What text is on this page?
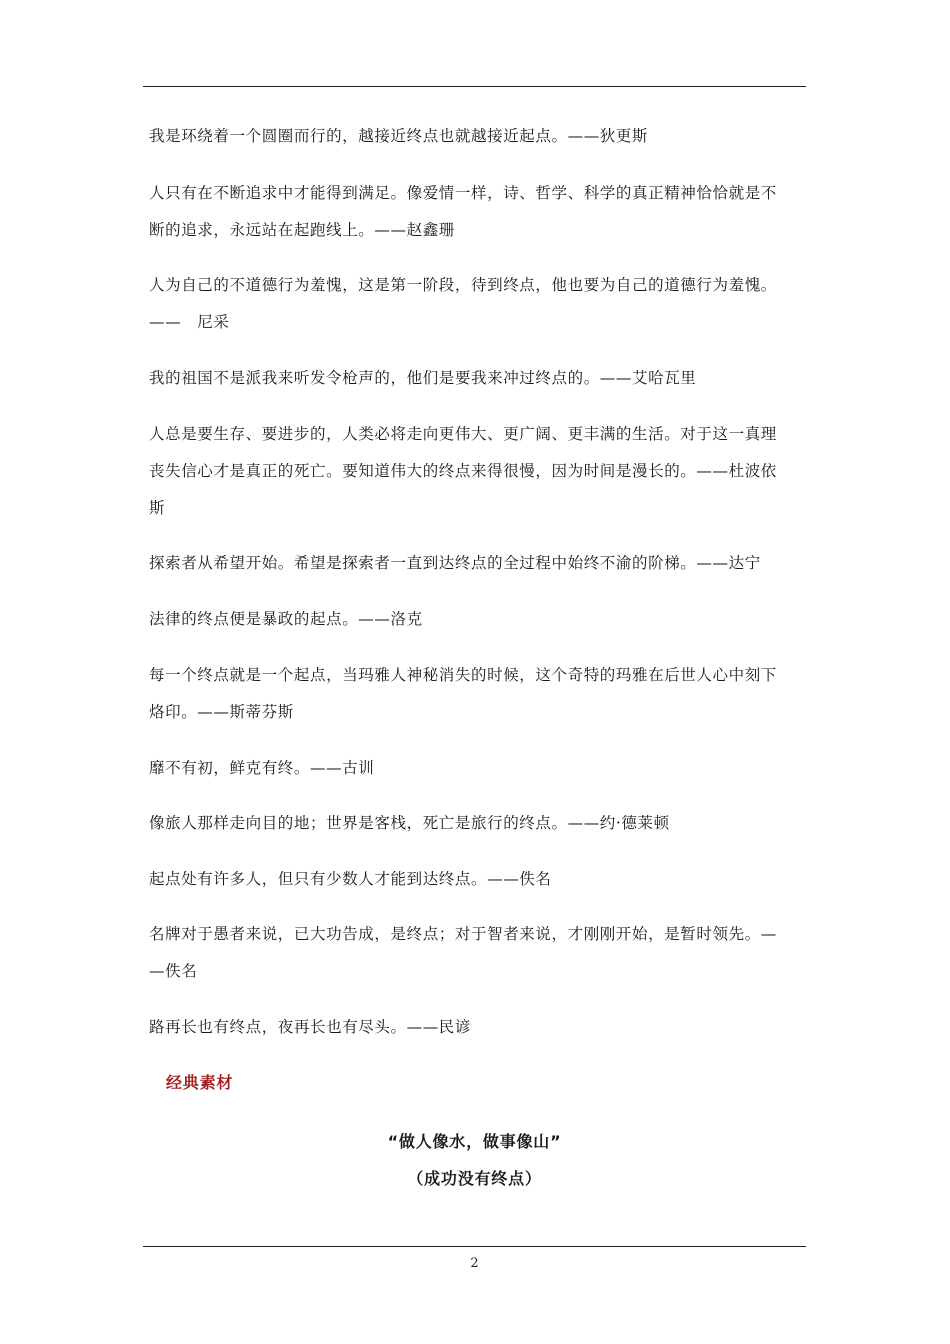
我是环绕着一个圆圈而行的，越接近终点也就越接近起点。——狄更斯
人只有在不断追求中才能得到满足。像爱情一样，诗、哲学、科学的真正精神恰恰就是不
断的追求，永远站在起跑线上。——赵鑫珊
人为自己的不道德行为羞愧，这是第一阶段，待到终点，他也要为自己的道德行为羞愧。
——　尼采
我的祖国不是派我来听发令枪声的，他们是要我来冲过终点的。——艾哈瓦里
人总是要生存、要进步的，人类必将走向更伟大、更广阔、更丰满的生活。对于这一真理
丧失信心才是真正的死亡。要知道伟大的终点来得很慢，因为时间是漫长的。——杜波依
斯
探索者从希望开始。希望是探索者一直到达终点的全过程中始终不渝的阶梯。——达宁
法律的终点便是暴政的起点。——洛克
每一个终点就是一个起点，当玛雅人神秘消失的时候，这个奇特的玛雅在后世人心中刻下
烙印。——斯蒂芬斯
靡不有初，鲜克有终。——古训
像旅人那样走向目的地；世界是客栈，死亡是旅行的终点。——约·德莱顿
起点处有许多人，但只有少数人才能到达终点。——佚名
名牌对于愚者来说，已大功告成，是终点；对于智者来说，才刚刚开始，是暂时领先。—
—佚名
路再长也有终点，夜再长也有尽头。——民谚
经典素材
“做人像水，做事像山”
（成功没有终点）
2
